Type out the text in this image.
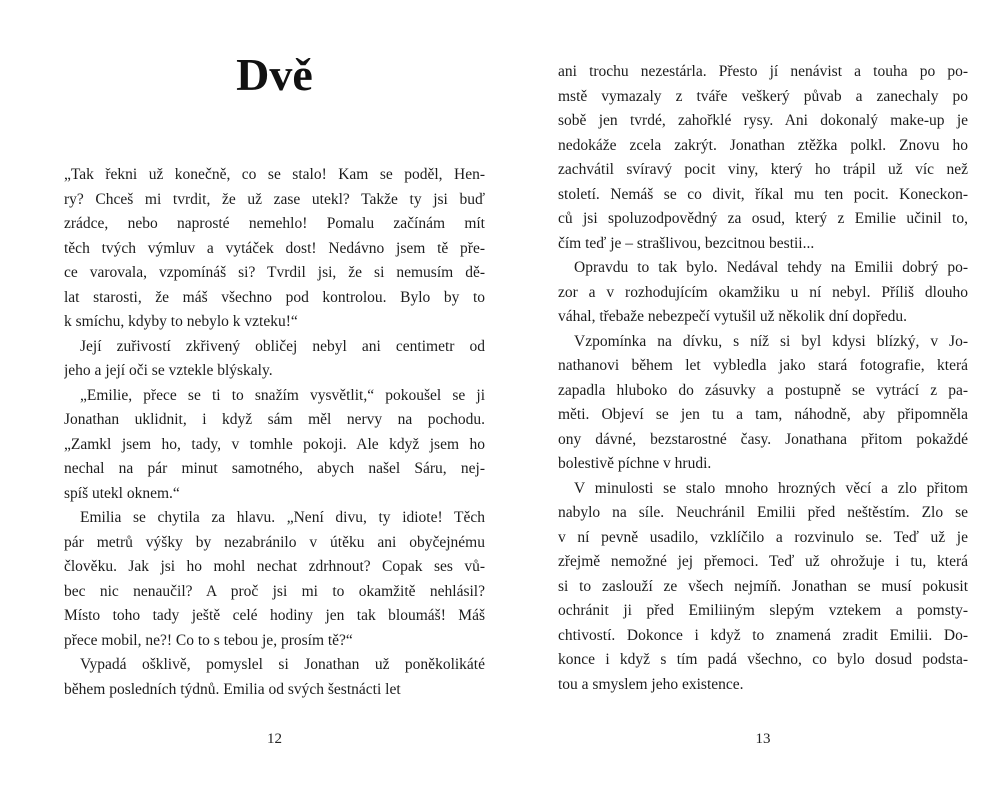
Dvě
„Tak řekni už konečně, co se stalo! Kam se poděl, Hen-
ry? Chceš mi tvrdit, že už zase utekl? Takže ty jsi buď
zrádce, nebo naprosté nemehlo! Pomalu začínám mít
těch tvých výmluv a vytáček dost! Nedávno jsem tě pře-
ce varovala, vzpomínáš si? Tvrdil jsi, že si nemusím dě-
lat starosti, že máš všechno pod kontrolou. Bylo by to
k smíchu, kdyby to nebylo k vzteku!“
Její zuřivostí zkřivený obličej nebyl ani centimetr od
jeho a její oči se vztekle blýskaly.
„Emilie, přece se ti to snažím vysvětlit,“ pokoušel se ji
Jonathan uklidnit, i když sám měl nervy na pochodu.
„Zamkl jsem ho, tady, v tomhle pokoji. Ale když jsem ho
nechal na pár minut samotného, abych našel Sáru, nej-
spíš utekl oknem.“
Emilia se chytila za hlavu. „Není divu, ty idiote! Těch
pár metrů výšky by nezabránilo v útěku ani obyčejnému
člověku. Jak jsi ho mohl nechat zdrhnout? Copak ses vů-
bec nic nenaučil? A proč jsi mi to okamžitě nehlásil?
Místo toho tady ještě celé hodiny jen tak bloumáš! Máš
přece mobil, ne?! Co to s tebou je, prosím tě?“
Vypadá ošklivě, pomyslel si Jonathan už poněkolikáté
během posledních týdnů. Emilia od svých šestnácti let
12
ani trochu nezestárla. Přesto jí nenávist a touha po po-
mstě vymazaly z tváře veškerý půvab a zanechaly po
sobě jen tvrdé, zahořklé rysy. Ani dokonalý make-up je
nedokáže zcela zakrýt. Jonathan ztěžka polkl. Znovu ho
zachvátil svíravý pocit viny, který ho trápil už víc než
století. Nemáš se co divit, říkal mu ten pocit. Koneckon-
ců jsi spoluzodpovědný za osud, který z Emilie učinil to,
čím teď je – strašlivou, bezcitnou bestii...
Opravdu to tak bylo. Nedával tehdy na Emilii dobrý po-
zor a v rozhodujícím okamžiku u ní nebyl. Příliš dlouho
váhal, třebaže nebezpečí vytušil už několik dní dopředu.
Vzpomínka na dívku, s níž si byl kdysi blízký, v Jo-
nathanovi během let vybledla jako stará fotografie, která
zapadla hluboko do zásuvky a postupně se vytrácí z pa-
měti. Objeví se jen tu a tam, náhodně, aby připomněla
ony dávné, bezstarostné časy. Jonathana přitom pokaždé
bolestivě píchne v hrudi.
V minulosti se stalo mnoho hrozných věcí a zlo přitom
nabylo na síle. Neuchránil Emilii před neštěstím. Zlo se
v ní pevně usadilo, vzklíčilo a rozvinulo se. Teď už je
zřejmě nemožné jej přemoci. Teď už ohrožuje i tu, která
si to zaslouží ze všech nejmíň. Jonathan se musí pokusit
ochránit ji před Emiliiným slepým vztekem a pomsty-
chtivostí. Dokonce i když to znamená zradit Emilii. Do-
konce i když s tím padá všechno, co bylo dosud podsta-
tou a smyslem jeho existence.
13
